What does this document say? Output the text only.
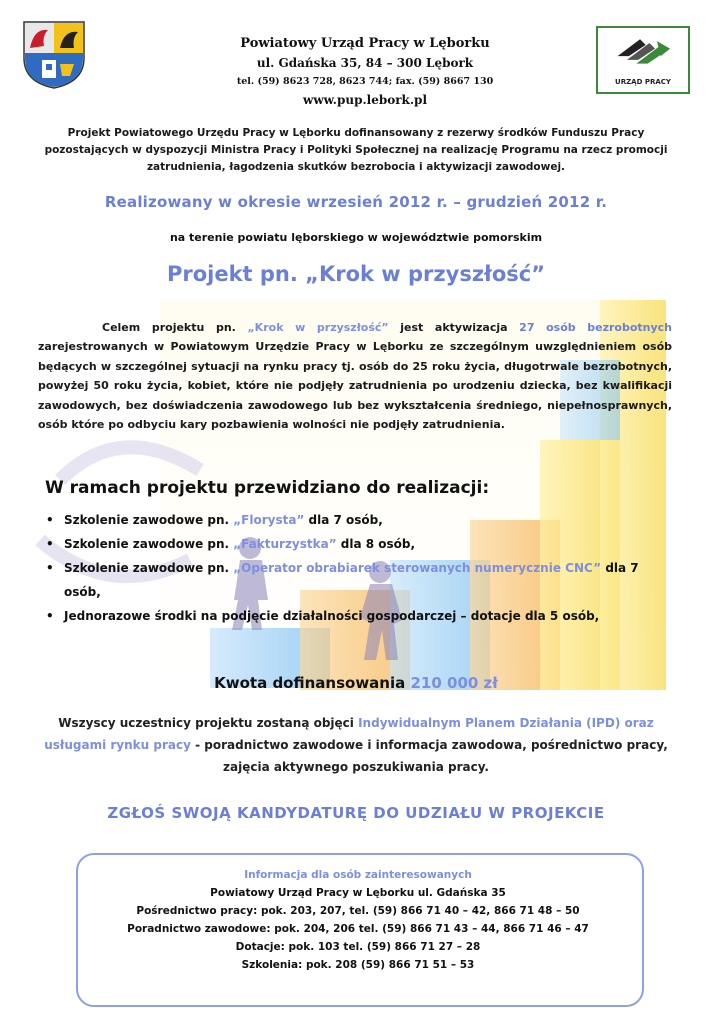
Powiatowy Urząd Pracy w Lęborku
ul. Gdańska 35, 84 – 300 Lębork
tel. (59) 8623 728, 8623 744; fax. (59) 8667 130
www.pup.lebork.pl
URZĄD PRACY
Projekt Powiatowego Urzędu Pracy w Lęborku dofinansowany z rezerwy środków Funduszu Pracy pozostających w dyspozycji Ministra Pracy i Polityki Społecznej na realizację Programu na rzecz promocji zatrudnienia, łagodzenia skutków bezrobocia i aktywizacji zawodowej.
Realizowany w okresie wrzesień 2012 r. – grudzień 2012 r.
na terenie powiatu lęborskiego w województwie pomorskim
Projekt pn. „Krok w przyszłość”
Celem projektu pn. „Krok w przyszłość” jest aktywizacja 27 osób bezrobotnych zarejestrowanych w Powiatowym Urzędzie Pracy w Lęborku ze szczególnym uwzględnieniem osób będących w szczególnej sytuacji na rynku pracy tj. osób do 25 roku życia, długotrwale bezrobotnych, powyżej 50 roku życia, kobiet, które nie podjęły zatrudnienia po urodzeniu dziecka, bez kwalifikacji zawodowych, bez doświadczenia zawodowego lub bez wykształcenia średniego, niepełnosprawnych, osób które po odbyciu kary pozbawienia wolności nie podjęły zatrudnienia.
W ramach projektu przewidziano do realizacji:
• Szkolenie zawodowe pn. „Florysta” dla 7 osób,
• Szkolenie zawodowe pn. „Fakturzystka” dla 8 osób,
• Szkolenie zawodowe pn. „Operator obrabiarek sterowanych numerycznie CNC” dla 7 osób,
• Jednorazowe środki na podjęcie działalności gospodarczej – dotacje dla 5 osób,
Kwota dofinansowania 210 000 zł
Wszyscy uczestnicy projektu zostaną objęci Indywidualnym Planem Działania (IPD) oraz usługami rynku pracy - poradnictwo zawodowe i informacja zawodowa, pośrednictwo pracy, zajęcia aktywnego poszukiwania pracy.
ZGŁOŚ SWOJĄ KANDYDATURĘ DO UDZIAŁU W PROJEKCIE
Informacja dla osób zainteresowanych
Powiatowy Urząd Pracy w Lęborku ul. Gdańska 35
Pośrednictwo pracy: pok. 203, 207, tel. (59) 866 71 40 – 42, 866 71 48 – 50
Poradnictwo zawodowe: pok. 204, 206 tel. (59) 866 71 43 – 44, 866 71 46 – 47
Dotacje: pok. 103 tel. (59) 866 71 27 – 28
Szkolenia: pok. 208 (59) 866 71 51 – 53
